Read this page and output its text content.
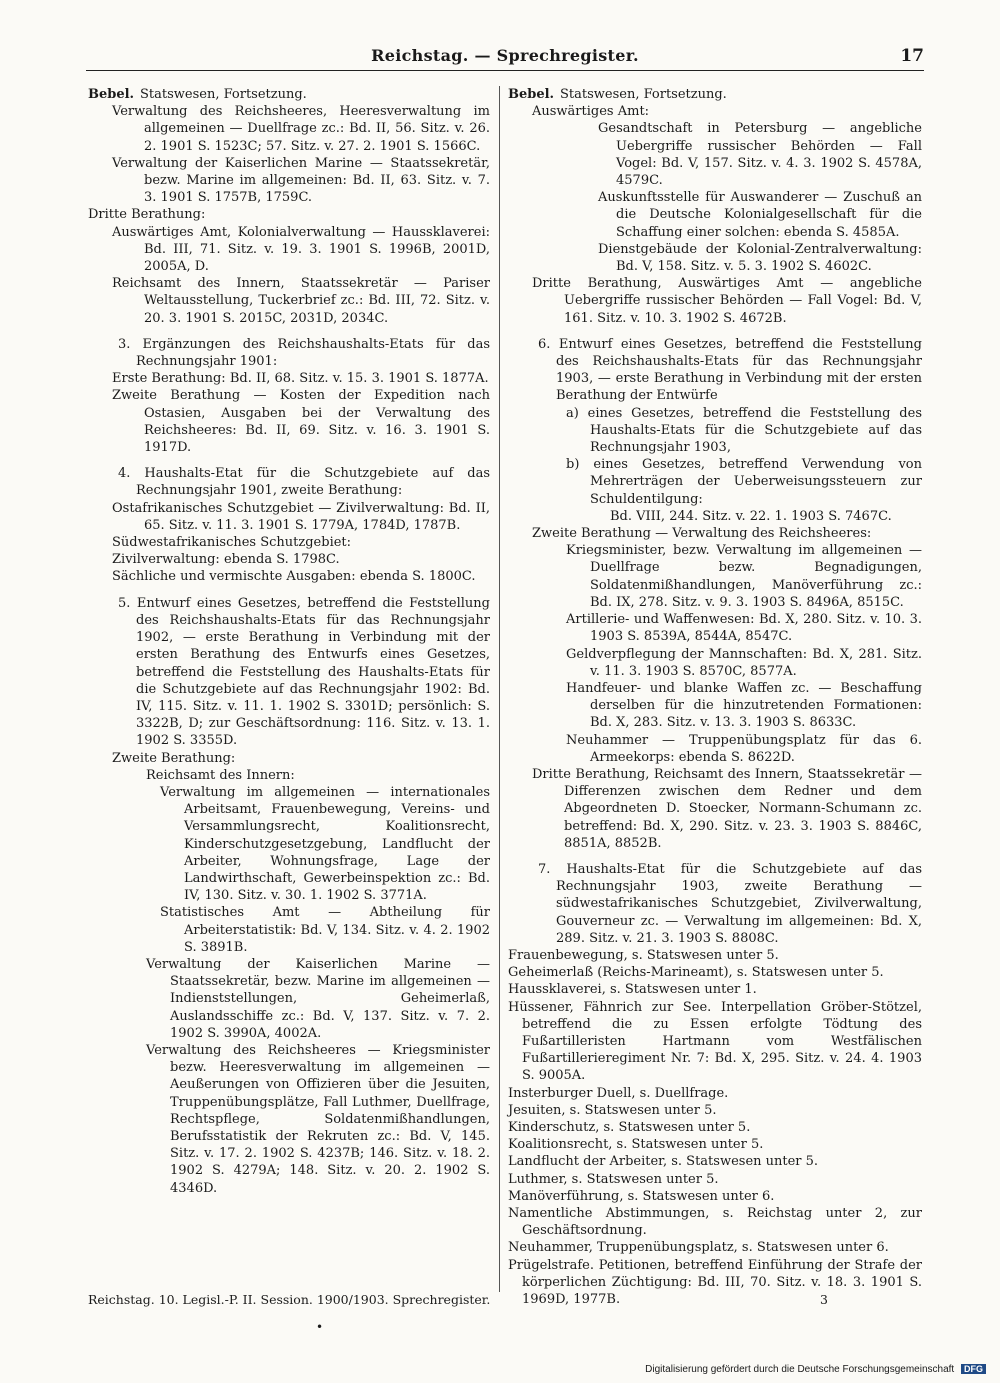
Reichstag. — Sprechregister.	17

Bebel. Statswesen, Fortsetzung.

Verwaltung des Reichsheeres, Heeresverwaltung im allgemeinen — Duellfrage zc.: Bd. II, 56. Sitz. v. 26. 2. 1901 S. 1523C; 57. Sitz. v. 27. 2. 1901 S. 1566C.

Verwaltung der Kaiserlichen Marine — Staatssekretär, bezw. Marine im allgemeinen: Bd. II, 63. Sitz. v. 7. 3. 1901 S. 1757B, 1759C.

Dritte Berathung:

Auswärtiges Amt, Kolonialverwaltung — Haussklaverei: Bd. III, 71. Sitz. v. 19. 3. 1901 S. 1996B, 2001D, 2005A, D.

Reichsamt des Innern, Staatssekretär — Pariser Weltausstellung, Tuckerbrief zc.: Bd. III, 72. Sitz. v. 20. 3. 1901 S. 2015C, 2031D, 2034C.

3. Ergänzungen des Reichshaushalts-Etats für das Rechnungsjahr 1901:

Erste Berathung: Bd. II, 68. Sitz. v. 15. 3. 1901 S. 1877A.

Zweite Berathung — Kosten der Expedition nach Ostasien, Ausgaben bei der Verwaltung des Reichsheeres: Bd. II, 69. Sitz. v. 16. 3. 1901 S. 1917D.

4. Haushalts-Etat für die Schutzgebiete auf das Rechnungsjahr 1901, zweite Berathung:

Ostafrikanisches Schutzgebiet — Zivilverwaltung: Bd. II, 65. Sitz. v. 11. 3. 1901 S. 1779A, 1784D, 1787B.

Südwestafrikanisches Schutzgebiet:

Zivilverwaltung: ebenda S. 1798C.

Sächliche und vermischte Ausgaben: ebenda S. 1800C.

5. Entwurf eines Gesetzes, betreffend die Feststellung des Reichshaushalts-Etats für das Rechnungsjahr 1902, — erste Berathung in Verbindung mit der ersten Berathung des Entwurfs eines Gesetzes, betreffend die Feststellung des Haushalts-Etats für die Schutzgebiete auf das Rechnungsjahr 1902: Bd. IV, 115. Sitz. v. 11. 1. 1902 S. 3301D; persönlich: S. 3322B, D; zur Geschäftsordnung: 116. Sitz. v. 13. 1. 1902 S. 3355D.

Zweite Berathung:

Reichsamt des Innern:

Verwaltung im allgemeinen — internationales Arbeitsamt, Frauenbewegung, Vereins- und Versammlungsrecht, Koalitionsrecht, Kinderschutzgesetzgebung, Landflucht der Arbeiter, Wohnungsfrage, Lage der Landwirthschaft, Gewerbeinspektion zc.: Bd. IV, 130. Sitz. v. 30. 1. 1902 S. 3771A.

Statistisches Amt — Abtheilung für Arbeiterstatistik: Bd. V, 134. Sitz. v. 4. 2. 1902 S. 3891B.

Verwaltung der Kaiserlichen Marine — Staatssekretär, bezw. Marine im allgemeinen — Indienststellungen, Geheimerlaß, Auslandsschiffe zc.: Bd. V, 137. Sitz. v. 7. 2. 1902 S. 3990A, 4002A.

Verwaltung des Reichsheeres — Kriegsminister bezw. Heeresverwaltung im allgemeinen — Aeußerungen von Offizieren über die Jesuiten, Truppenübungsplätze, Fall Luthmer, Duellfrage, Rechtspflege, Soldatenmißhandlungen, Berufsstatistik der Rekruten zc.: Bd. V, 145. Sitz. v. 17. 2. 1902 S. 4237B; 146. Sitz. v. 18. 2. 1902 S. 4279A; 148. Sitz. v. 20. 2. 1902 S. 4346D.

Bebel. Statswesen, Fortsetzung.

Auswärtiges Amt:

Gesandtschaft in Petersburg — angebliche Uebergriffe russischer Behörden — Fall Vogel: Bd. V, 157. Sitz. v. 4. 3. 1902 S. 4578A, 4579C.

Auskunftsstelle für Auswanderer — Zuschuß an die Deutsche Kolonialgesellschaft für die Schaffung einer solchen: ebenda S. 4585A.

Dienstgebäude der Kolonial-Zentralverwaltung: Bd. V, 158. Sitz. v. 5. 3. 1902 S. 4602C.

Dritte Berathung, Auswärtiges Amt — angebliche Uebergriffe russischer Behörden — Fall Vogel: Bd. V, 161. Sitz. v. 10. 3. 1902 S. 4672B.

6. Entwurf eines Gesetzes, betreffend die Feststellung des Reichshaushalts-Etats für das Rechnungsjahr 1903, — erste Berathung in Verbindung mit der ersten Berathung der Entwürfe

a) eines Gesetzes, betreffend die Feststellung des Haushalts-Etats für die Schutzgebiete auf das Rechnungsjahr 1903,

b) eines Gesetzes, betreffend Verwendung von Mehrerträgen der Ueberweisungssteuern zur Schuldentilgung:

Bd. VIII, 244. Sitz. v. 22. 1. 1903 S. 7467C.

Zweite Berathung — Verwaltung des Reichsheeres:

Kriegsminister, bezw. Verwaltung im allgemeinen — Duellfrage bezw. Begnadigungen, Soldatenmißhandlungen, Manöverführung zc.: Bd. IX, 278. Sitz. v. 9. 3. 1903 S. 8496A, 8515C.

Artillerie- und Waffenwesen: Bd. X, 280. Sitz. v. 10. 3. 1903 S. 8539A, 8544A, 8547C.

Geldverpflegung der Mannschaften: Bd. X, 281. Sitz. v. 11. 3. 1903 S. 8570C, 8577A.

Handfeuer- und blanke Waffen zc. — Beschaffung derselben für die hinzutretenden Formationen: Bd. X, 283. Sitz. v. 13. 3. 1903 S. 8633C.

Neuhammer — Truppenübungsplatz für das 6. Armeekorps: ebenda S. 8622D.

Dritte Berathung, Reichsamt des Innern, Staatssekretär — Differenzen zwischen dem Redner und dem Abgeordneten D. Stoecker, Normann-Schumann zc. betreffend: Bd. X, 290. Sitz. v. 23. 3. 1903 S. 8846C, 8851A, 8852B.

7. Haushalts-Etat für die Schutzgebiete auf das Rechnungsjahr 1903, zweite Berathung — südwestafrikanisches Schutzgebiet, Zivilverwaltung, Gouverneur zc. — Verwaltung im allgemeinen: Bd. X, 289. Sitz. v. 21. 3. 1903 S. 8808C.

Frauenbewegung, s. Statswesen unter 5.

Geheimerlaß (Reichs-Marineamt), s. Statswesen unter 5.

Haussklaverei, s. Statswesen unter 1.

Hüssener, Fähnrich zur See. Interpellation Gröber-Stötzel, betreffend die zu Essen erfolgte Tödtung des Fußartilleristen Hartmann vom Westfälischen Fußartillerieregiment Nr. 7: Bd. X, 295. Sitz. v. 24. 4. 1903 S. 9005A.

Insterburger Duell, s. Duellfrage.

Jesuiten, s. Statswesen unter 5.

Kinderschutz, s. Statswesen unter 5.

Koalitionsrecht, s. Statswesen unter 5.

Landflucht der Arbeiter, s. Statswesen unter 5.

Luthmer, s. Statswesen unter 5.

Manöverführung, s. Statswesen unter 6.

Namentliche Abstimmungen, s. Reichstag unter 2, zur Geschäftsordnung.

Neuhammer, Truppenübungsplatz, s. Statswesen unter 6.

Prügelstrafe. Petitionen, betreffend Einführung der Strafe der körperlichen Züchtigung: Bd. III, 70. Sitz. v. 18. 3. 1901 S. 1969D, 1977B.

Reichstag. 10. Legisl.-P. II. Session. 1900/1903. Sprechregister.	3
•
Digitalisierung gefördert durch die Deutsche Forschungsgemeinschaft DFG
